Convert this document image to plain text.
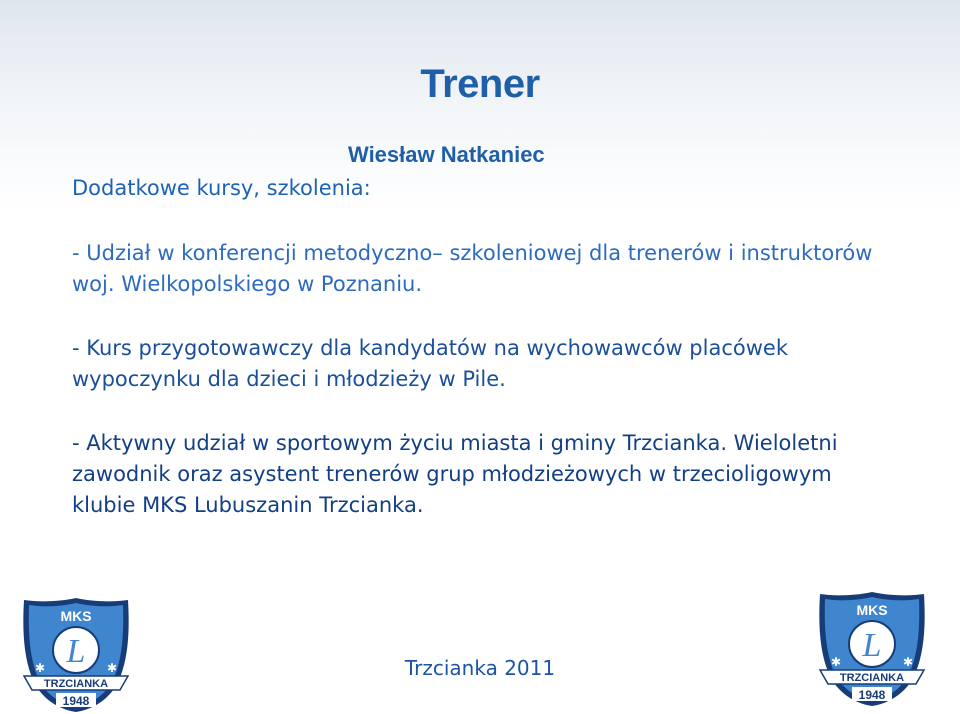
Trener
Wiesław Natkaniec
Dodatkowe kursy, szkolenia:
- Udział w konferencji metodyczno– szkoleniowej dla trenerów i instruktorów woj. Wielkopolskiego w Poznaniu.
- Kurs przygotowawczy dla kandydatów na wychowawców placówek wypoczynku dla dzieci i młodzieży w Pile.
- Aktywny udział w sportowym życiu miasta i gminy Trzcianka. Wieloletni zawodnik oraz asystent trenerów grup młodzieżowych w trzecioligowym klubie MKS Lubuszanin Trzcianka.
Trzcianka 2011
MKS
L
TRZCIANKA
1948
✱	✱
MKS
L
TRZCIANKA
1948
✱	✱
